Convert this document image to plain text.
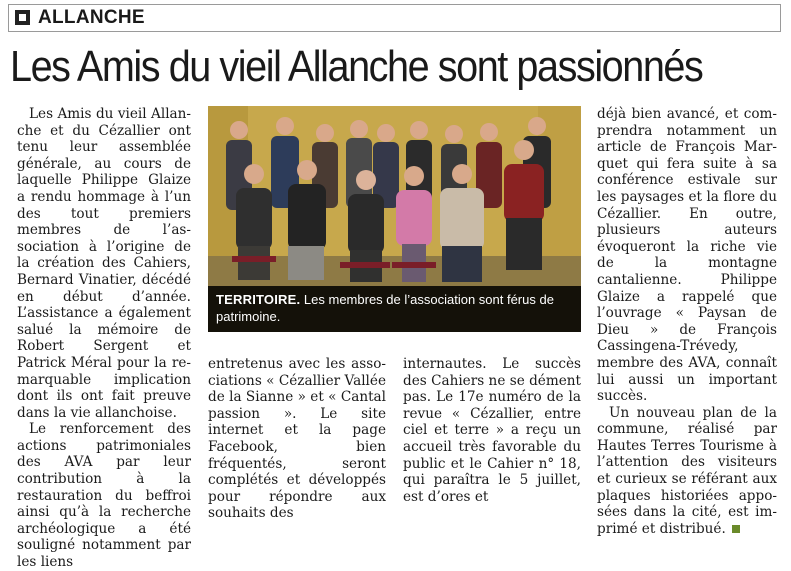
ALLANCHE
Les Amis du vieil Allanche sont passionnés

Les Amis du vieil Allanche et du Cézallier ont tenu leur assemblée générale, au cours de laquelle Philippe Glaize a rendu hommage à l’un des tout premiers membres de l’association à l’origine de la création des Cahiers, Bernard Vinatier, décédé en début d’année. L’assistance a également salué la mémoire de Robert Sergent et Patrick Méral pour la remarquable implication dont ils ont fait preuve dans la vie allanchoise.

Le renforcement des actions patrimoniales des AVA par leur contribution à la restauration du beffroi ainsi qu’à la recherche archéologique a été souligné notamment par les liens

TERRITOIRE. Les membres de l’association sont férus de patrimoine.

entretenus avec les associations « Cézallier Vallée de la Sianne » et « Cantal passion ». Le site internet et la page Facebook, bien fréquentés, seront complétés et développés pour répondre aux souhaits des

internautes. Le succès des Cahiers ne se dément pas. Le 17e numéro de la revue « Cézallier, entre ciel et terre » a reçu un accueil très favorable du public et le Cahier n° 18, qui paraîtra le 5 juillet, est d’ores et

déjà bien avancé, et comprendra notamment un article de François Marquet qui fera suite à sa conférence estivale sur les paysages et la flore du Cézallier. En outre, plusieurs auteurs évoqueront la riche vie de la montagne cantalienne. Philippe Glaize a rappelé que l’ouvrage « Paysan de Dieu » de François Cassingena-Trévedy, membre des AVA, connaît lui aussi un important succès.

Un nouveau plan de la commune, réalisé par Hautes Terres Tourisme à l’attention des visiteurs et curieux se référant aux plaques historiées apposées dans la cité, est imprimé et distribué.
